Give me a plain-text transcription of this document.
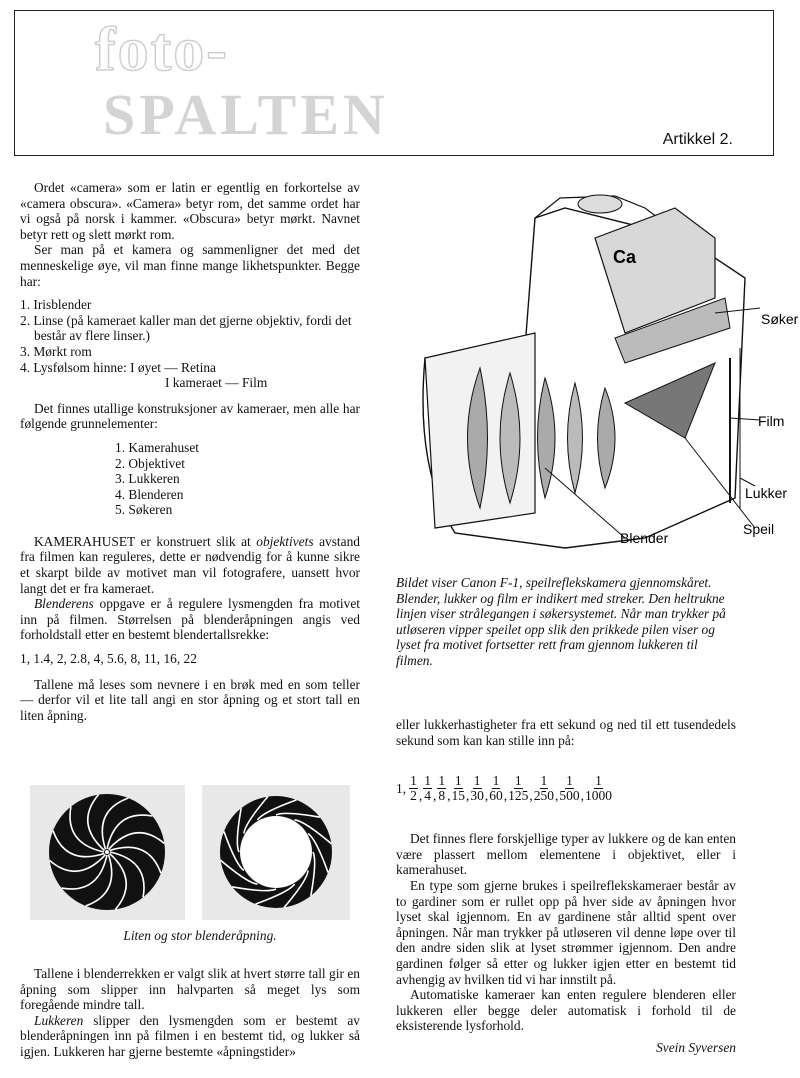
foto-
SPALTEN	Artikkel 2.

Ordet «camera» som er latin er egentlig en forkortelse av «camera obscura». «Camera» betyr rom, det samme ordet har vi også på norsk i kammer. «Obscura» betyr mørkt. Navnet betyr rett og slett mørkt rom.

Ser man på et kamera og sammenligner det med det menneskelige øye, vil man finne mange likhetspunkter. Begge har:

1. Irisblender
2. Linse (på kameraet kaller man det gjerne objektiv, fordi det består av flere linser.)
3. Mørkt rom
4. Lysfølsom hinne: I øyet — Retina
I kameraet — Film

Det finnes utallige konstruksjoner av kameraer, men alle har følgende grunnelementer:

1. Kamerahuset
2. Objektivet
3. Lukkeren
4. Blenderen
5. Søkeren

KAMERAHUSET er konstruert slik at objektivets avstand fra filmen kan reguleres, dette er nødvendig for å kunne sikre et skarpt bilde av motivet man vil fotografere, uansett hvor langt det er fra kameraet.

Blenderens oppgave er å regulere lysmengden fra motivet inn på filmen. Størrelsen på blenderåpningen angis ved forholdstall etter en bestemt blendertallsrekke:

1, 1.4, 2, 2.8, 4, 5.6, 8, 11, 16, 22

Tallene må leses som nevnere i en brøk med en som teller — derfor vil et lite tall angi en stor åpning og et stort tall en liten åpning.

Liten og stor blenderåpning.

Tallene i blenderrekken er valgt slik at hvert større tall gir en åpning som slipper inn halvparten så meget lys som foregående mindre tall.

Lukkeren slipper den lysmengden som er bestemt av blenderåpningen inn på filmen i en bestemt tid, og lukker så igjen. Lukkeren har gjerne bestemte «åpningstider»

Ca
Søker
Film
Lukker
Speil
Blender
Bildet viser Canon F-1, speilreflekskamera gjennomskåret. Blender, lukker og film er indikert med streker. Den heltrukne linjen viser strålegangen i søkersystemet. Når man trykker på utløseren vipper speilet opp slik den prikkede pilen viser og lyset fra motivet fortsetter rett fram gjennom lukkeren til filmen.

eller lukkerhastigheter fra ett sekund og ned til ett tusendedels sekund som kan kan stille inn på:

1, $\frac{1}{2}$ , $\frac{1}{4}$ , $\frac{1}{8}$ , $\frac{1}{15}$ , $\frac{1}{30}$ , $\frac{1}{60}$ , $\frac{1}{125}$ , $\frac{1}{250}$ , $\frac{1}{500}$ , $\frac{1}{1000}$

Det finnes flere forskjellige typer av lukkere og de kan enten være plassert mellom elementene i objektivet, eller i kamerahuset.

En type som gjerne brukes i speilreflekskameraer består av to gardiner som er rullet opp på hver side av åpningen hvor lyset skal igjennom. En av gardinene står alltid spent over åpningen. Når man trykker på utløseren vil denne løpe over til den andre siden slik at lyset strømmer igjennom. Den andre gardinen følger så etter og lukker igjen etter en bestemt tid avhengig av hvilken tid vi har innstilt på.

Automatiske kameraer kan enten regulere blenderen eller lukkeren eller begge deler automatisk i forhold til de eksisterende lysforhold.

Svein Syversen
